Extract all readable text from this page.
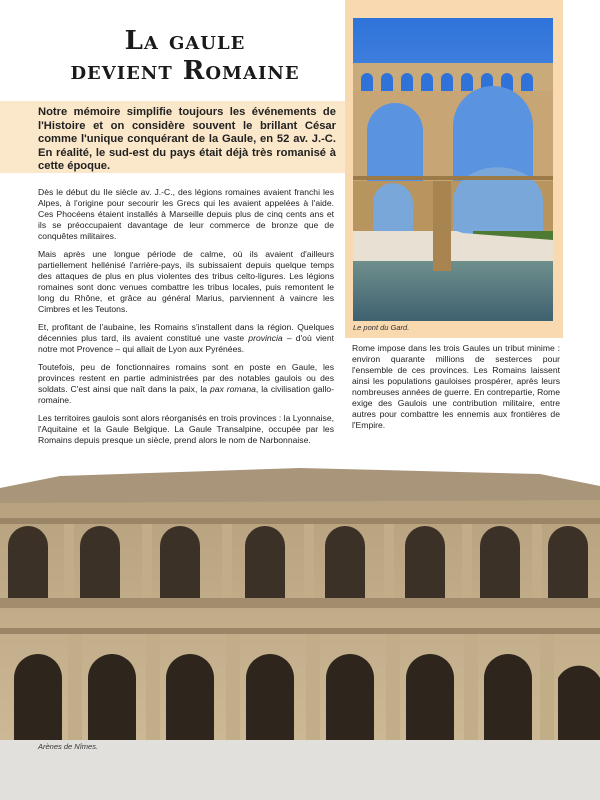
La gaule
devient Romaine
Le pont du Gard.

Notre mémoire simplifie toujours les événements de l'Histoire et on considère souvent le brillant César comme l'unique conquérant de la Gaule, en 52 av. J.-C. En réalité, le sud-est du pays était déjà très romanisé à cette époque.

Dès le début du IIe siècle av. J.-C., des légions romaines avaient franchi les Alpes, à l'origine pour secourir les Grecs qui les avaient appelées à l'aide. Ces Phocéens étaient installés à Marseille depuis plus de cinq cents ans et ils se préoccupaient davantage de leur commerce de bronze que de conquêtes militaires.

Mais après une longue période de calme, où ils avaient d'ailleurs partiellement hellénisé l'arrière-pays, ils subissaient depuis quelque temps des attaques de plus en plus violentes des tribus celto-ligures. Les légions romaines sont donc venues combattre les tribus locales, puis remontent le long du Rhône, et grâce au général Marius, parviennent à vaincre les Cimbres et les Teutons.

Et, profitant de l'aubaine, les Romains s'installent dans la région. Quelques décennies plus tard, ils avaient constitué une vaste provincia – d'où vient notre mot Provence – qui allait de Lyon aux Pyrénées.

Toutefois, peu de fonctionnaires romains sont en poste en Gaule, les provinces restent en partie administrées par des notables gaulois ou des soldats. C'est ainsi que naît dans la paix, la pax romana, la civilisation gallo-romaine.

Les territoires gaulois sont alors réorganisés en trois provinces : la Lyonnaise, l'Aquitaine et la Gaule Belgique. La Gaule Transalpine, occupée par les Romains depuis presque un siècle, prend alors le nom de Narbonnaise.

Rome impose dans les trois Gaules un tribut minime : environ quarante millions de sesterces pour l'ensemble de ces provinces. Les Romains laissent ainsi les populations gauloises prospérer, après leurs nombreuses années de guerre. En contrepartie, Rome exige des Gaulois une contribution militaire, entre autres pour combattre les ennemis aux frontières de l'Empire.

Arènes de Nîmes.
